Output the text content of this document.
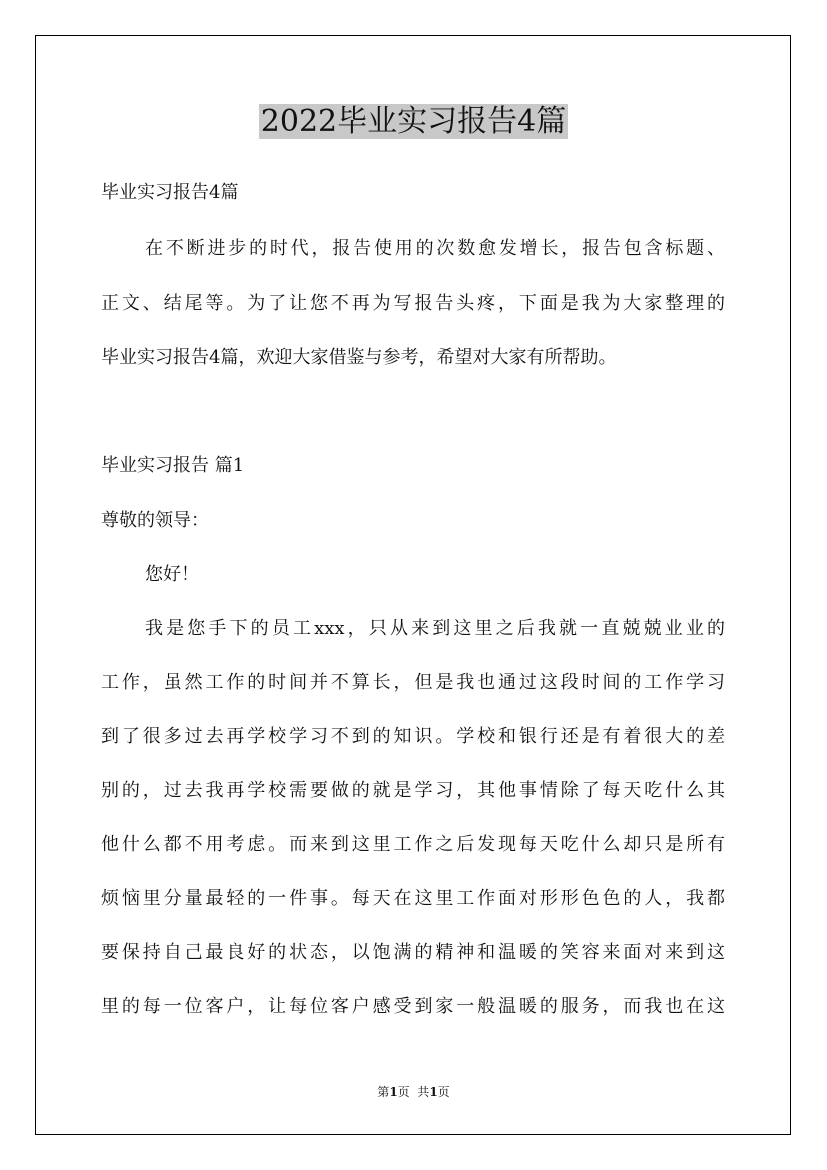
2022毕业实习报告4篇
毕业实习报告4篇
在不断进步的时代，报告使用的次数愈发增长，报告包含标题、
正文、结尾等。为了让您不再为写报告头疼，下面是我为大家整理的
毕业实习报告4篇，欢迎大家借鉴与参考，希望对大家有所帮助。
毕业实习报告 篇1
尊敬的领导：
您好！
我是您手下的员工xxx，只从来到这里之后我就一直兢兢业业的
工作，虽然工作的时间并不算长，但是我也通过这段时间的工作学习
到了很多过去再学校学习不到的知识。学校和银行还是有着很大的差
别的，过去我再学校需要做的就是学习，其他事情除了每天吃什么其
他什么都不用考虑。而来到这里工作之后发现每天吃什么却只是所有
烦恼里分量最轻的一件事。每天在这里工作面对形形色色的人，我都
要保持自己最良好的状态，以饱满的精神和温暖的笑容来面对来到这
里的每一位客户，让每位客户感受到家一般温暖的服务，而我也在这
第1页  共1页
